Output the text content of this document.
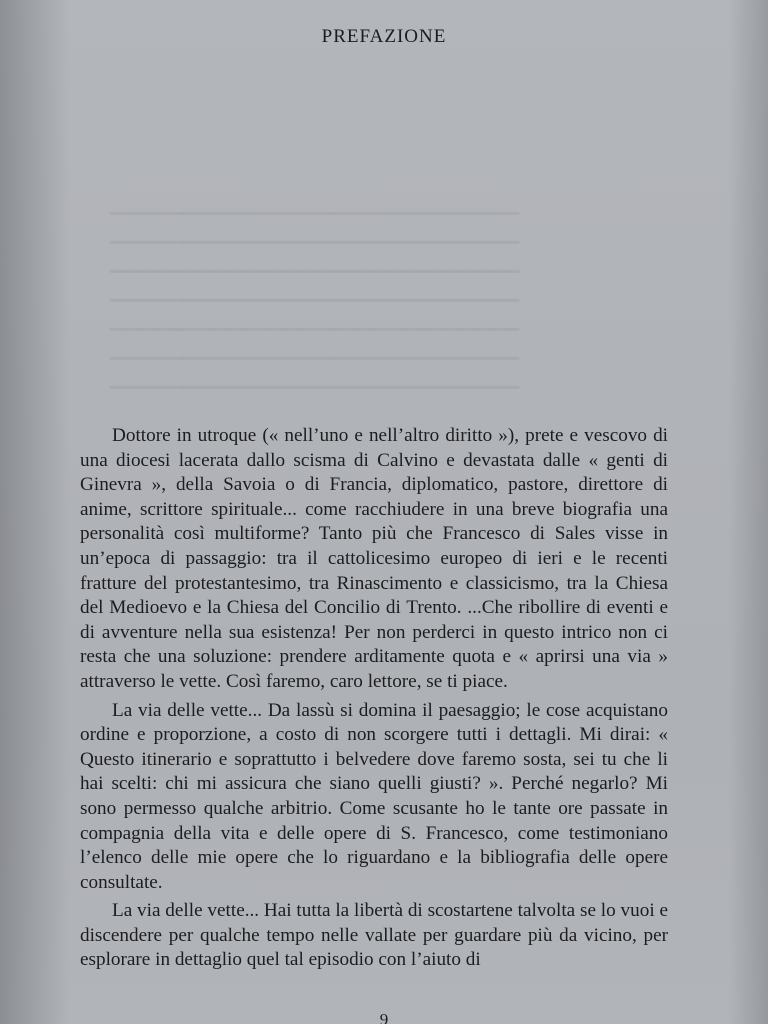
PREFAZIONE
▁▁▁▁▁▁▁▁▁▁▁▁▁▁▁▁▁▁▁▁▁▁▁▁▁▁▁▁
▁▁▁▁▁▁▁▁▁▁▁▁▁▁▁▁▁▁▁▁▁▁▁▁▁▁▁▁
▁▁▁▁▁▁▁▁▁▁▁▁▁▁▁▁▁▁▁▁▁▁▁▁▁▁▁▁
▁▁▁▁▁▁▁▁▁▁▁▁▁▁▁▁▁▁▁▁▁▁▁▁▁▁▁▁
▁▁▁▁▁▁▁▁▁▁▁▁▁▁▁▁▁▁▁▁▁▁▁▁▁▁▁▁
▁▁▁▁▁▁▁▁▁▁▁▁▁▁▁▁▁▁▁▁▁▁▁▁▁▁▁▁
▁▁▁▁▁▁▁▁▁▁▁▁▁▁▁▁▁▁▁▁▁▁▁▁▁▁▁▁

Dottore in utroque (« nell’uno e nell’altro diritto »), prete e vescovo di una diocesi lacerata dallo scisma di Calvino e devastata dalle « genti di Ginevra », della Savoia o di Francia, diplomatico, pastore, direttore di anime, scrittore spirituale... come racchiudere in una breve biografia una personalità così multiforme? Tanto più che Francesco di Sales visse in un’epoca di passaggio: tra il cattolicesimo europeo di ieri e le recenti fratture del protestantesimo, tra Rinascimento e classicismo, tra la Chiesa del Medioevo e la Chiesa del Concilio di Trento. ...Che ribollire di eventi e di avventure nella sua esistenza! Per non perderci in questo intrico non ci resta che una soluzione: prendere arditamente quota e « aprirsi una via » attraverso le vette. Così faremo, caro lettore, se ti piace.

La via delle vette... Da lassù si domina il paesaggio; le cose acquistano ordine e proporzione, a costo di non scorgere tutti i dettagli. Mi dirai: « Questo itinerario e soprattutto i belvedere dove faremo sosta, sei tu che li hai scelti: chi mi assicura che siano quelli giusti? ». Perché negarlo? Mi sono permesso qualche arbitrio. Come scusante ho le tante ore passate in compagnia della vita e delle opere di S. Francesco, come testimoniano l’elenco delle mie opere che lo riguardano e la bibliografia delle opere consultate.

La via delle vette... Hai tutta la libertà di scostartene talvolta se lo vuoi e discendere per qualche tempo nelle vallate per guardare più da vicino, per esplorare in dettaglio quel tal episodio con l’aiuto di

9
